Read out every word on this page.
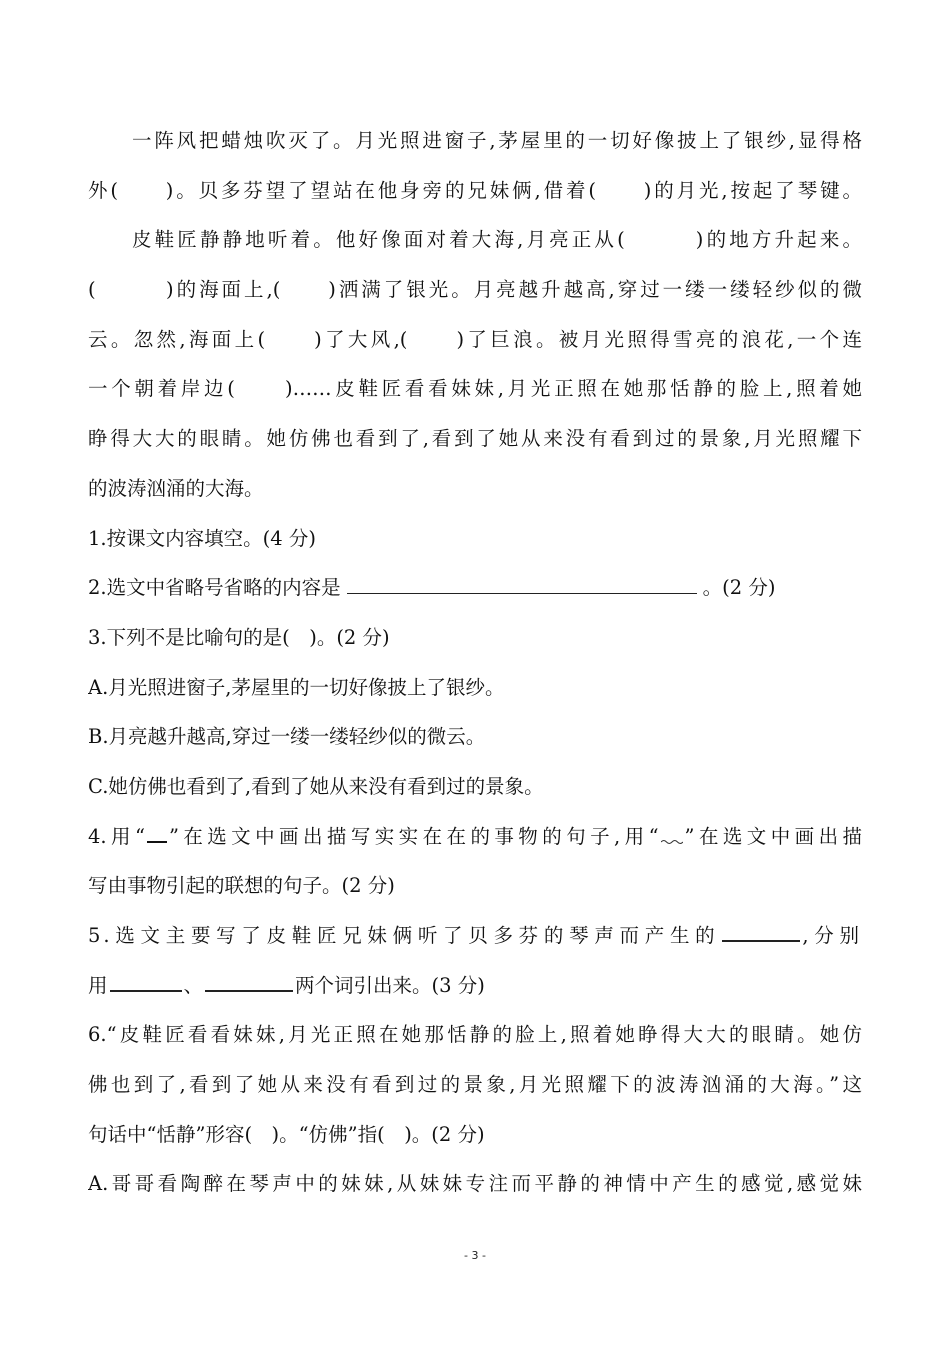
一阵风把蜡烛吹灭了。月光照进窗子,茅屋里的一切好像披上了银纱,显得格
外(　　)。贝多芬望了望站在他身旁的兄妹俩,借着(　　)的月光,按起了琴键。
皮鞋匠静静地听着。他好像面对着大海,月亮正从(　　　)的地方升起来。
(　　　)的海面上,(　　)洒满了银光。月亮越升越高,穿过一缕一缕轻纱似的微
云。忽然,海面上(　　)了大风,(　　)了巨浪。被月光照得雪亮的浪花,一个连
一个朝着岸边(　　)……皮鞋匠看看妹妹,月光正照在她那恬静的脸上,照着她
睁得大大的眼睛。她仿佛也看到了,看到了她从来没有看到过的景象,月光照耀下
的波涛汹涌的大海。
1.按课文内容填空。(4 分)
2.选文中省略号省略的内容是	。(2 分)
3.下列不是比喻句的是(　)。(2 分)
A.月光照进窗子,茅屋里的一切好像披上了银纱。
B.月亮越升越高,穿过一缕一缕轻纱似的微云。
C.她仿佛也看到了,看到了她从来没有看到过的景象。
4.用“ ”在选文中画出描写实实在在的事物的句子,用“ ”在选文中画出描
写由事物引起的联想的句子。(2 分)
5.选文主要写了皮鞋匠兄妹俩听了贝多芬的琴声而产生的	,分别
用	、	两个词引出来。(3 分)
6.“皮鞋匠看看妹妹,月光正照在她那恬静的脸上,照着她睁得大大的眼睛。她仿
佛也到了,看到了她从来没有看到过的景象,月光照耀下的波涛汹涌的大海。”这
句话中“恬静”形容(　)。“仿佛”指(　)。(2 分)
A.哥哥看陶醉在琴声中的妹妹,从妹妹专注而平静的神情中产生的感觉,感觉妹
- 3 -
